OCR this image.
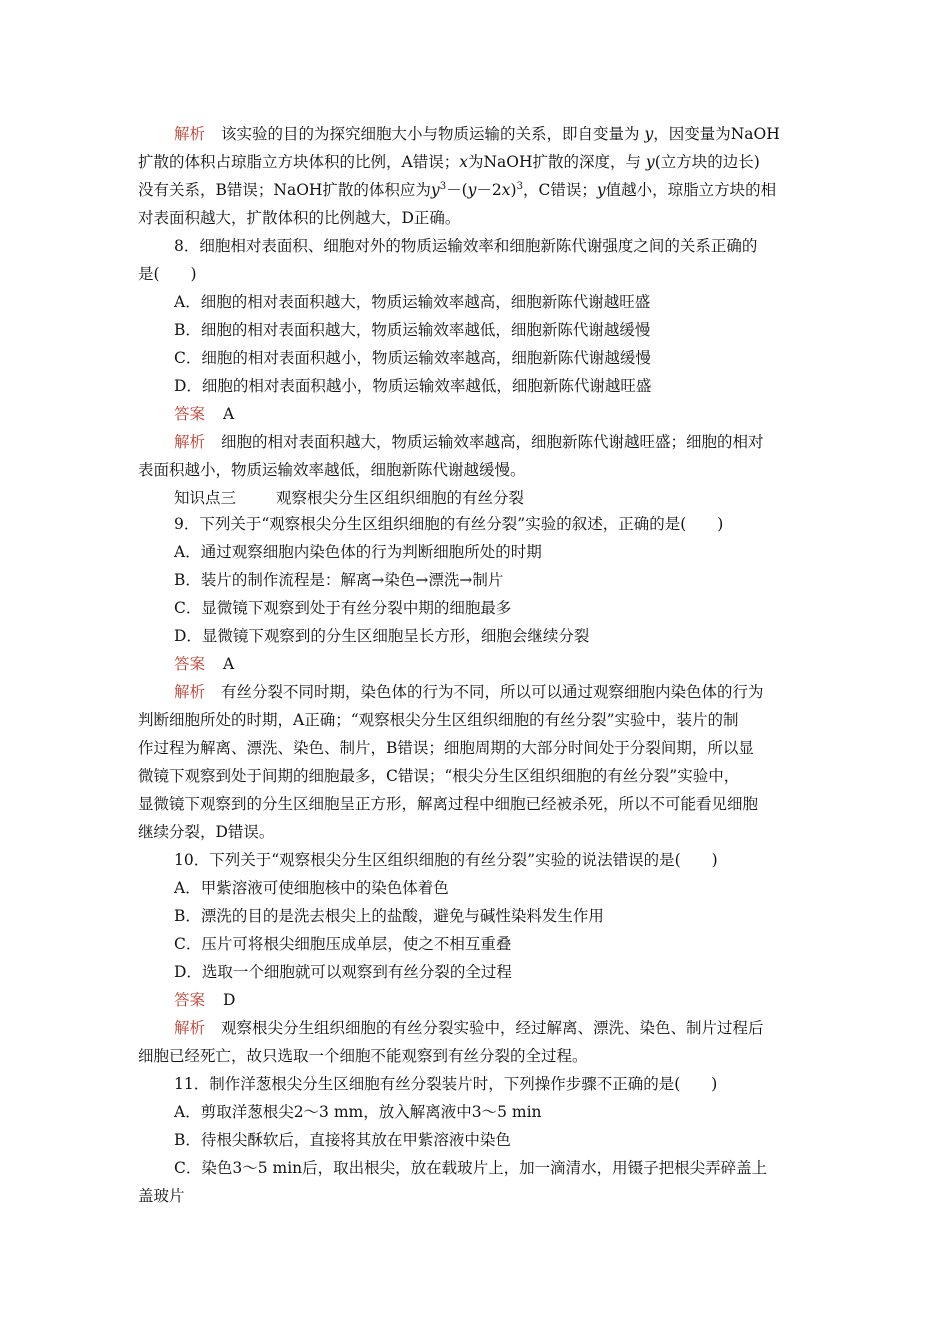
解析 该实验的目的为探究细胞大小与物质运输的关系，即自变量为 y，因变量为NaOH
扩散的体积占琼脂立方块体积的比例，A错误；x为NaOH扩散的深度，与 y(立方块的边长)
没有关系，B错误；NaOH扩散的体积应为$y^3-(y-2x)^3$，C错误；y值越小，琼脂立方块的相
对表面积越大，扩散体积的比例越大，D正确。
8．细胞相对表面积、细胞对外的物质运输效率和细胞新陈代谢强度之间的关系正确的
是(　　)
A．细胞的相对表面积越大，物质运输效率越高，细胞新陈代谢越旺盛
B．细胞的相对表面积越大，物质运输效率越低，细胞新陈代谢越缓慢
C．细胞的相对表面积越小，物质运输效率越高，细胞新陈代谢越缓慢
D．细胞的相对表面积越小，物质运输效率越低，细胞新陈代谢越旺盛
答案 A
解析 细胞的相对表面积越大，物质运输效率越高，细胞新陈代谢越旺盛；细胞的相对
表面积越小，物质运输效率越低，细胞新陈代谢越缓慢。
知识点三	观察根尖分生区组织细胞的有丝分裂
9．下列关于“观察根尖分生区组织细胞的有丝分裂”实验的叙述，正确的是(　　)
A．通过观察细胞内染色体的行为判断细胞所处的时期
B．装片的制作流程是：解离→染色→漂洗→制片
C．显微镜下观察到处于有丝分裂中期的细胞最多
D．显微镜下观察到的分生区细胞呈长方形，细胞会继续分裂
答案 A
解析 有丝分裂不同时期，染色体的行为不同，所以可以通过观察细胞内染色体的行为
判断细胞所处的时期，A正确；“观察根尖分生区组织细胞的有丝分裂”实验中，装片的制
作过程为解离、漂洗、染色、制片，B错误；细胞周期的大部分时间处于分裂间期，所以显
微镜下观察到处于间期的细胞最多，C错误；“根尖分生区组织细胞的有丝分裂”实验中，
显微镜下观察到的分生区细胞呈正方形，解离过程中细胞已经被杀死，所以不可能看见细胞
继续分裂，D错误。
10．下列关于“观察根尖分生区组织细胞的有丝分裂”实验的说法错误的是(　　)
A．甲紫溶液可使细胞核中的染色体着色
B．漂洗的目的是洗去根尖上的盐酸，避免与碱性染料发生作用
C．压片可将根尖细胞压成单层，使之不相互重叠
D．选取一个细胞就可以观察到有丝分裂的全过程
答案 D
解析 观察根尖分生组织细胞的有丝分裂实验中，经过解离、漂洗、染色、制片过程后
细胞已经死亡，故只选取一个细胞不能观察到有丝分裂的全过程。
11．制作洋葱根尖分生区细胞有丝分裂装片时，下列操作步骤不正确的是(　　)
A．剪取洋葱根尖2～3 mm，放入解离液中3～5 min
B．待根尖酥软后，直接将其放在甲紫溶液中染色
C．染色3～5 min后，取出根尖，放在载玻片上，加一滴清水，用镊子把根尖弄碎盖上
盖玻片
